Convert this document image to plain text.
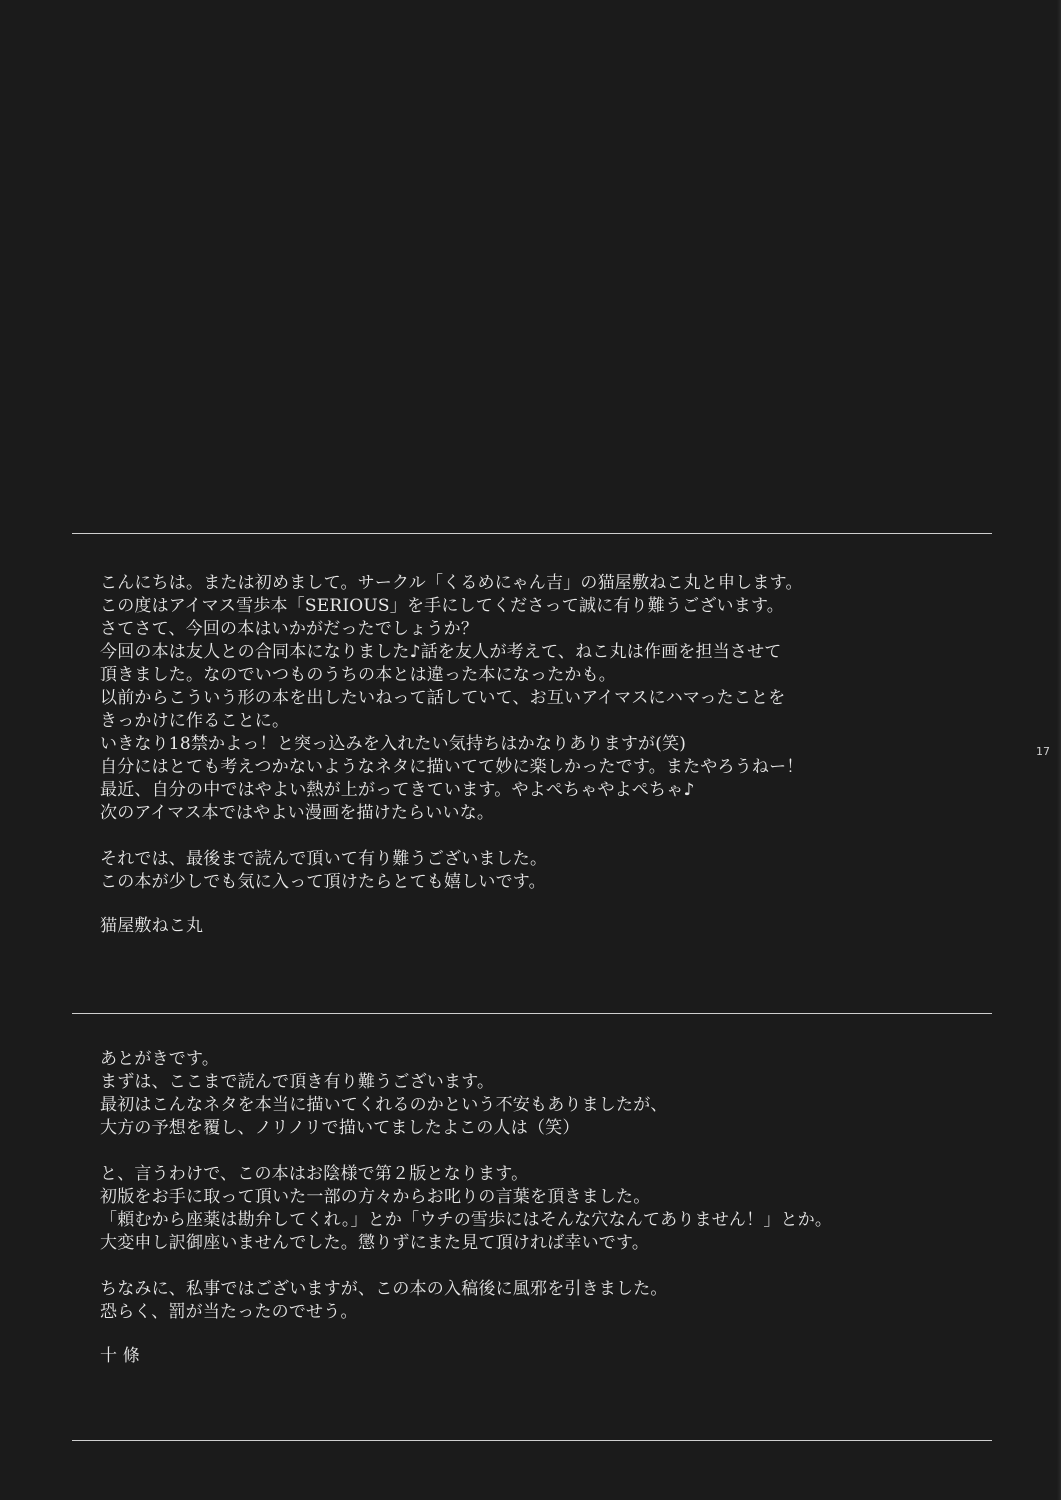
こんにちは。または初めまして。サークル「くるめにゃん吉」の猫屋敷ねこ丸と申します。
この度はアイマス雪歩本「SERIOUS」を手にしてくださって誠に有り難うございます。
さてさて、今回の本はいかがだったでしょうか？
今回の本は友人との合同本になりました♪話を友人が考えて、ねこ丸は作画を担当させて
頂きました。なのでいつものうちの本とは違った本になったかも。
以前からこういう形の本を出したいねって話していて、お互いアイマスにハマったことを
きっかけに作ることに。
いきなり18禁かよっ！と突っ込みを入れたい気持ちはかなりありますが(笑)
自分にはとても考えつかないようなネタに描いてて妙に楽しかったです。またやろうねー！
最近、自分の中ではやよい熱が上がってきています。やよぺちゃやよぺちゃ♪
次のアイマス本ではやよい漫画を描けたらいいな。
それでは、最後まで読んで頂いて有り難うございました。
この本が少しでも気に入って頂けたらとても嬉しいです。
猫屋敷ねこ丸
あとがきです。
まずは、ここまで読んで頂き有り難うございます。
最初はこんなネタを本当に描いてくれるのかという不安もありましたが、
大方の予想を覆し、ノリノリで描いてましたよこの人は（笑）
と、言うわけで、この本はお陰様で第２版となります。
初版をお手に取って頂いた一部の方々からお叱りの言葉を頂きました。
「頼むから座薬は勘弁してくれ。」とか「ウチの雪歩にはそんな穴なんてありません！」とか。
大変申し訳御座いませんでした。懲りずにまた見て頂ければ幸いです。
ちなみに、私事ではございますが、この本の入稿後に風邪を引きました。
恐らく、罰が当たったのでせう。
十 條
17
